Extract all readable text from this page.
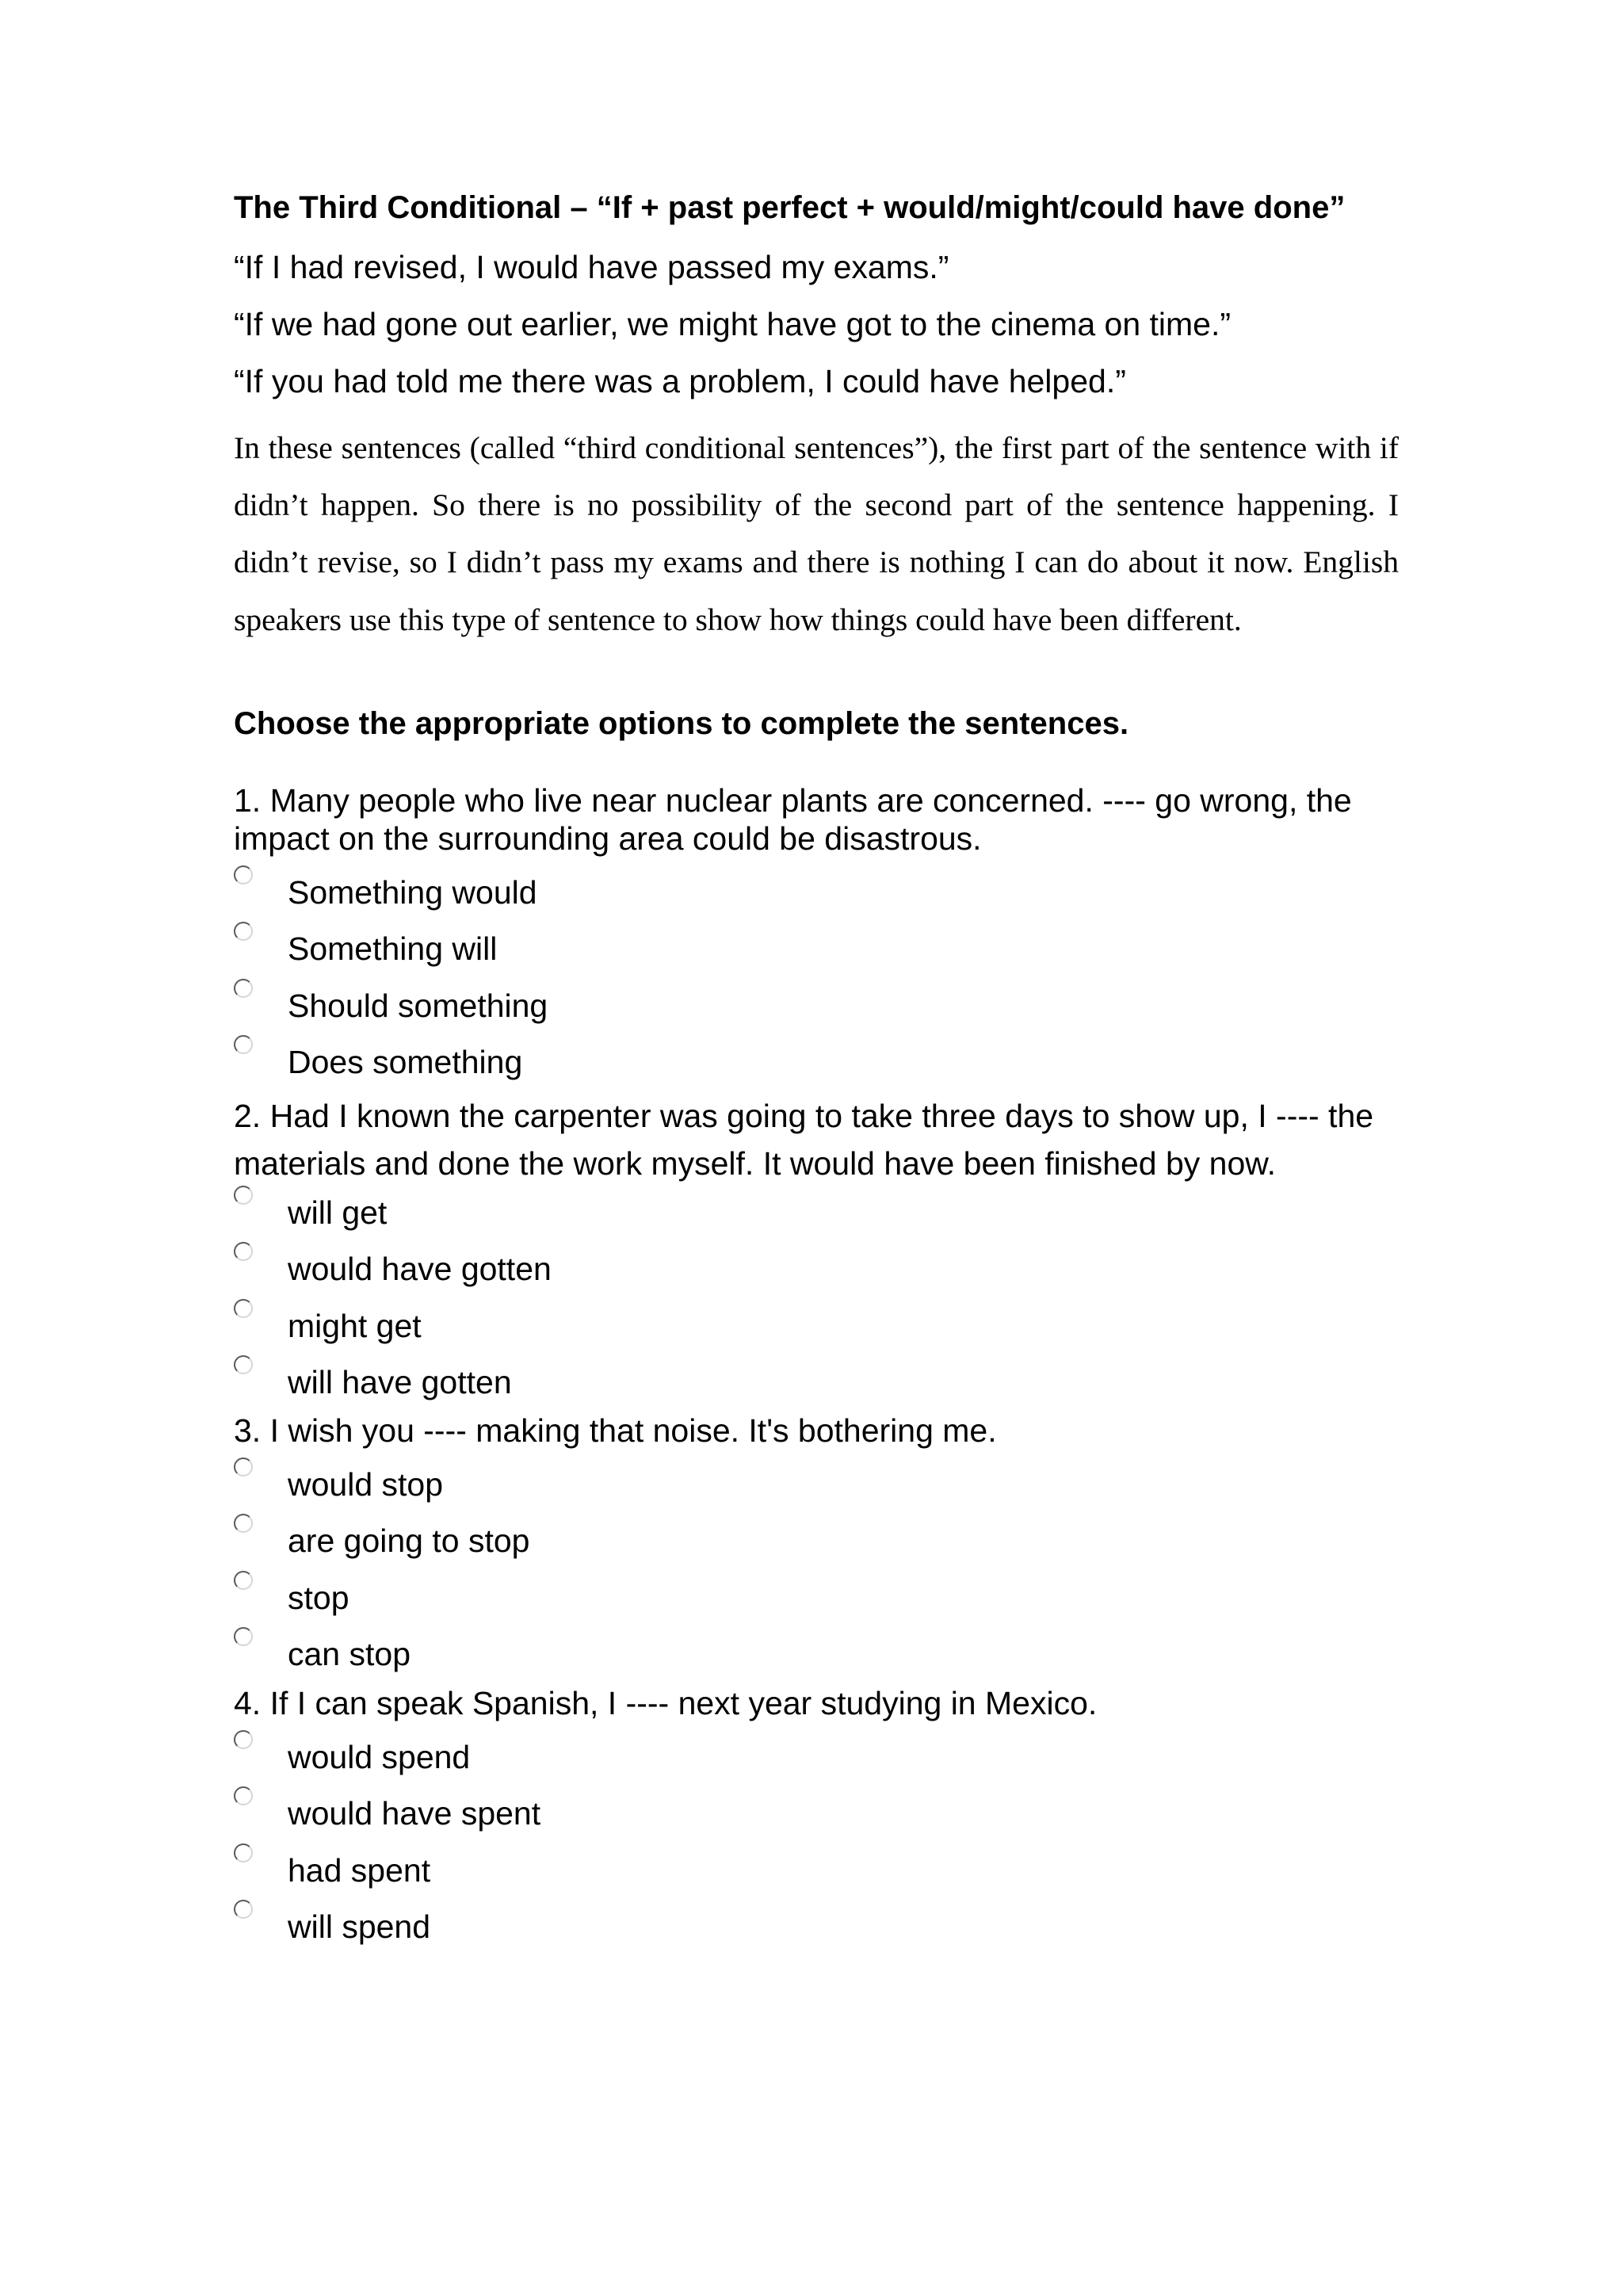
The Third Conditional – “If + past perfect + would/might/could have done”

“If I had revised, I would have passed my exams.”

“If we had gone out earlier, we might have got to the cinema on time.”

“If you had told me there was a problem, I could have helped.”

In these sentences (called “third conditional sentences”), the first part of the sentence with if didn’t happen. So there is no possibility of the second part of the sentence happening. I didn’t revise, so I didn’t pass my exams and there is nothing I can do about it now. English speakers use this type of sentence to show how things could have been different.

Choose the appropriate options to complete the sentences.

1. Many people who live near nuclear plants are concerned. ---- go wrong, the impact on the surrounding area could be disastrous.

Something would
Something will
Should something
Does something

2. Had I known the carpenter was going to take three days to show up, I ---- the materials and done the work myself. It would have been finished by now.

will get
would have gotten
might get
will have gotten

3. I wish you ---- making that noise. It's bothering me.

would stop
are going to stop
stop
can stop

4. If I can speak Spanish, I ---- next year studying in Mexico.

would spend
would have spent
had spent
will spend
